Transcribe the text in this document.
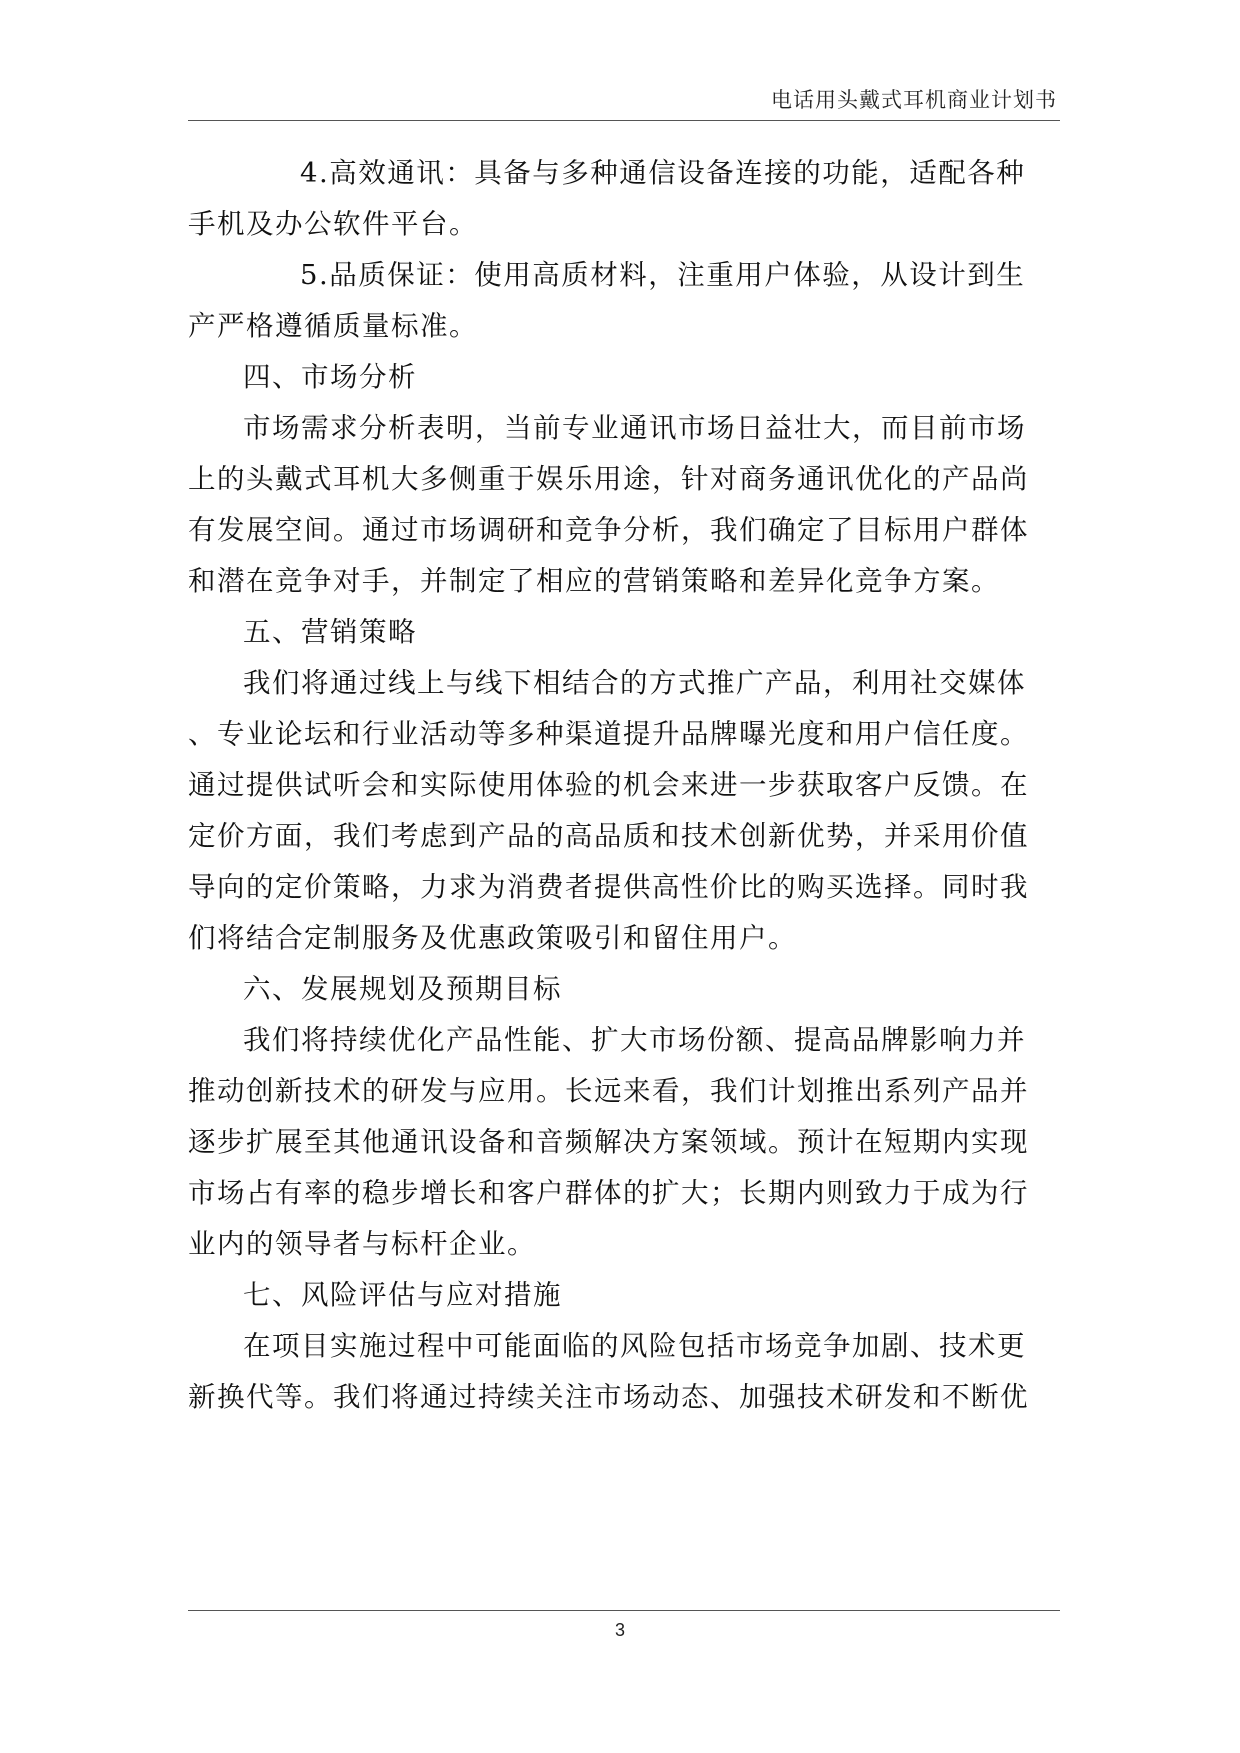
电话用头戴式耳机商业计划书

4.高效通讯：具备与多种通信设备连接的功能，适配各种

手机及办公软件平台。

5.品质保证：使用高质材料，注重用户体验，从设计到生

产严格遵循质量标准。

四、市场分析

市场需求分析表明，当前专业通讯市场日益壮大，而目前市场

上的头戴式耳机大多侧重于娱乐用途，针对商务通讯优化的产品尚

有发展空间。通过市场调研和竞争分析，我们确定了目标用户群体

和潜在竞争对手，并制定了相应的营销策略和差异化竞争方案。

五、营销策略

我们将通过线上与线下相结合的方式推广产品，利用社交媒体

、专业论坛和行业活动等多种渠道提升品牌曝光度和用户信任度。

通过提供试听会和实际使用体验的机会来进一步获取客户反馈。在

定价方面，我们考虑到产品的高品质和技术创新优势，并采用价值

导向的定价策略，力求为消费者提供高性价比的购买选择。同时我

们将结合定制服务及优惠政策吸引和留住用户。

六、发展规划及预期目标

我们将持续优化产品性能、扩大市场份额、提高品牌影响力并

推动创新技术的研发与应用。长远来看，我们计划推出系列产品并

逐步扩展至其他通讯设备和音频解决方案领域。预计在短期内实现

市场占有率的稳步增长和客户群体的扩大；长期内则致力于成为行

业内的领导者与标杆企业。

七、风险评估与应对措施

在项目实施过程中可能面临的风险包括市场竞争加剧、技术更

新换代等。我们将通过持续关注市场动态、加强技术研发和不断优

3
